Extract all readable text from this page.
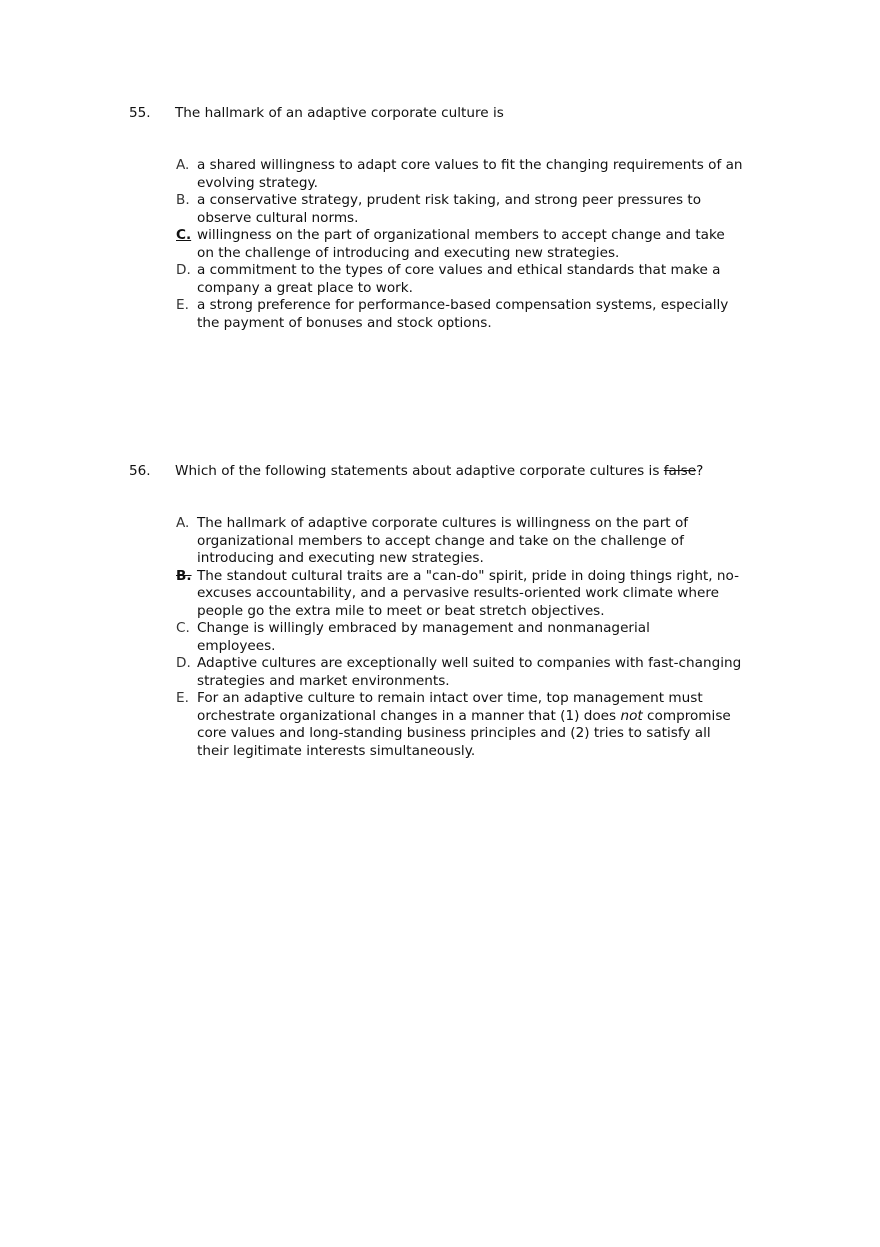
55.	The hallmark of an adaptive corporate culture is
A. a shared willingness to adapt core values to fit the changing requirements of an
evolving strategy.
B. a conservative strategy, prudent risk taking, and strong peer pressures to
observe cultural norms.
C. willingness on the part of organizational members to accept change and take
on the challenge of introducing and executing new strategies.
D. a commitment to the types of core values and ethical standards that make a
company a great place to work.
E. a strong preference for performance-based compensation systems, especially
the payment of bonuses and stock options.
56.	Which of the following statements about adaptive corporate cultures is false?
A. The hallmark of adaptive corporate cultures is willingness on the part of
organizational members to accept change and take on the challenge of
introducing and executing new strategies.
B. The standout cultural traits are a "can-do" spirit, pride in doing things right, no-
excuses accountability, and a pervasive results-oriented work climate where
people go the extra mile to meet or beat stretch objectives.
C. Change is willingly embraced by management and nonmanagerial
employees.
D. Adaptive cultures are exceptionally well suited to companies with fast-changing
strategies and market environments.
E. For an adaptive culture to remain intact over time, top management must
orchestrate organizational changes in a manner that (1) does not compromise
core values and long-standing business principles and (2) tries to satisfy all
their legitimate interests simultaneously.
